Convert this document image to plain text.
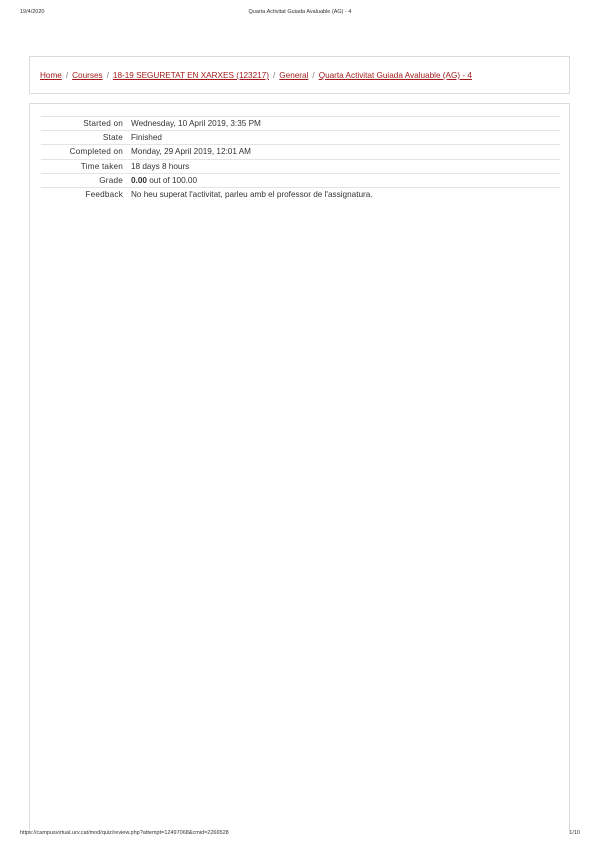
19/4/2020	Quarta Activitat Guiada Avaluable (AG) - 4
Home / Courses / 18-19 SEGURETAT EN XARXES (123217) / General / Quarta Activitat Guiada Avaluable (AG) - 4
Started on	Wednesday, 10 April 2019, 3:35 PM
State	Finished
Completed on	Monday, 29 April 2019, 12:01 AM
Time taken	18 days 8 hours
Grade	0.00 out of 100.00
Feedback	No heu superat l'activitat, parleu amb el professor de l'assignatura.
https://campusvirtual.urv.cat/mod/quiz/review.php?attempt=12497068&cmid=2266528	1/10
